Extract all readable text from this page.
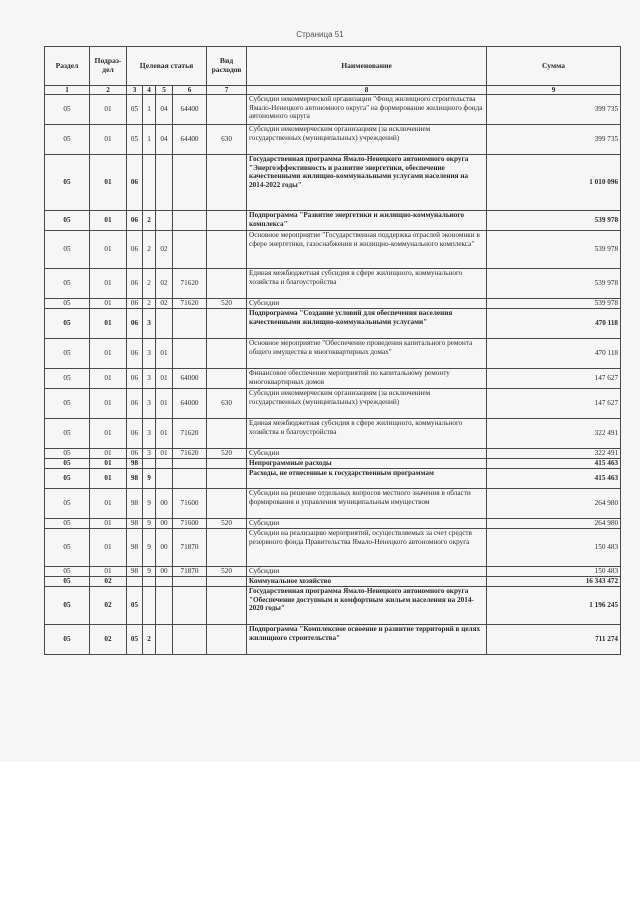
Страница 51
Раздел	Подраз-дел	Целевая статья				Вид расходов	Наименование	Сумма
1	2	3	4	5	6	7	8	9
05	01	05	1	04	64400		Субсидии некоммерческой организации "Фонд жилищного строительства Ямало-Ненецкого автономного округа" на формирование жилищного фонда автономного округа	399 735
05	01	05	1	04	64400	630	Субсидии некоммерческим организациям (за исключением государственных (муниципальных) учреждений)	399 735
05	01	06					Государственная программа Ямало-Ненецкого автономного округа "Энергоэффективность и развитие энергетики, обеспечение качественными жилищно-коммунальными услугами населения на 2014-2022 годы"	1 010 096
05	01	06	2				Подпрограмма "Развитие энергетики и жилищно-коммунального комплекса"	539 978
05	01	06	2	02			Основное мероприятие "Государственная поддержка отраслей экономики в сфере энергетики, газоснабжения и жилищно-коммунального комплекса"	539 978
05	01	06	2	02	71620		Единая межбюджетная субсидия в сфере жилищного, коммунального хозяйства и благоустройства	539 978
05	01	06	2	02	71620	520	Субсидии	539 978
05	01	06	3				Подпрограмма "Создание условий для обеспечения населения качественными жилищно-коммунальными услугами"	470 118
05	01	06	3	01			Основное мероприятие "Обеспечение проведения капитального ремонта общего имущества в многоквартирных домах"	470 118
05	01	06	3	01	64000		Финансовое обеспечение мероприятий по капитальному ремонту многоквартирных домов	147 627
05	01	06	3	01	64000	630	Субсидии некоммерческим организациям (за исключением государственных (муниципальных) учреждений)	147 627
05	01	06	3	01	71620		Единая межбюджетная субсидия в сфере жилищного, коммунального хозяйства и благоустройства	322 491
05	01	06	3	01	71620	520	Субсидии	322 491
05	01	98					Непрограммные расходы	415 463
05	01	98	9				Расходы, не отнесенные к государственным программам	415 463
05	01	98	9	00	71600		Субсидии на решение отдельных вопросов местного значения в области формирования и управления муниципальным имуществом	264 980
05	01	98	9	00	71600	520	Субсидии	264 980
05	01	98	9	00	71870		Субсидии на реализацию мероприятий, осуществляемых за счет средств резервного фонда Правительства Ямало-Ненецкого автономного округа	150 483
05	01	98	9	00	71870	520	Субсидии	150 483
05	02						Коммунальное хозяйство	16 343 472
05	02	05					Государственная программа Ямало-Ненецкого автономного округа "Обеспечение доступным и комфортным жильем населения на 2014-2020 годы"	1 196 245
05	02	05	2				Подпрограмма "Комплексное освоение и развитие территорий в целях жилищного строительства"	711 274
